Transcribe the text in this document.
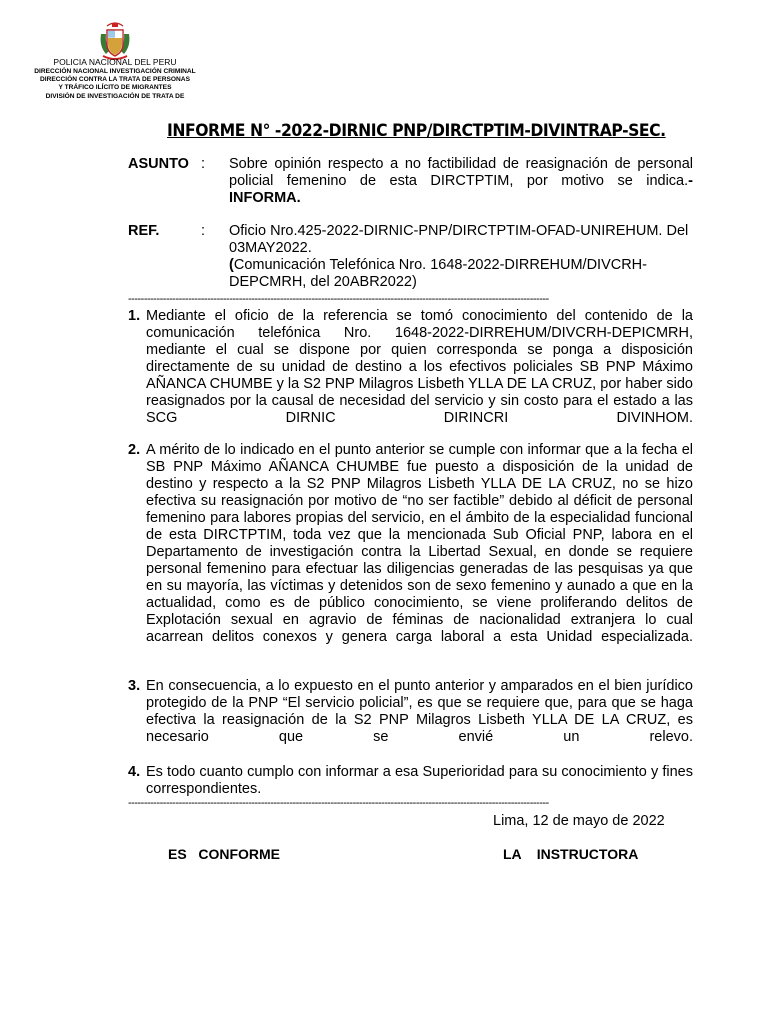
POLICIA NACIONAL DEL PERU
DIRECCIÓN NACIONAL INVESTIGACIÓN CRIMINAL
DIRECCIÓN CONTRA LA TRATA DE PERSONAS
Y TRÁFICO ILÍCITO DE MIGRANTES
DIVISIÓN DE INVESTIGACIÓN DE TRATA DE
INFORME N° -2022-DIRNIC PNP/DIRCTPTIM-DIVINTRAP-SEC.
ASUNTO : Sobre opinión respecto a no factibilidad de reasignación de personal policial femenino de esta DIRCTPTIM, por motivo se indica.- INFORMA.
REF.	: Oficio Nro.425-2022-DIRNIC-PNP/DIRCTPTIM-OFAD-UNIREHUM. Del 03MAY2022.
(Comunicación Telefónica Nro. 1648-2022-DIRREHUM/DIVCRH-DEPCMRH, del 20ABR2022)
-------------------------------------------------------------------------------------------------------------------------------------
1. Mediante el oficio de la referencia se tomó conocimiento del contenido de la comunicación telefónica Nro. 1648-2022-DIRREHUM/DIVCRH-DEPICMRH, mediante el cual se dispone por quien corresponda se ponga a disposición directamente de su unidad de destino a los efectivos policiales SB PNP Máximo AÑANCA CHUMBE y la S2 PNP Milagros Lisbeth YLLA DE LA CRUZ, por haber sido reasignados por la causal de necesidad del servicio y sin costo para el estado a las SCG DIRNIC DIRINCRI DIVINHOM.
2. A mérito de lo indicado en el punto anterior se cumple con informar que a la fecha el SB PNP Máximo AÑANCA CHUMBE fue puesto a disposición de la unidad de destino y respecto a la S2 PNP Milagros Lisbeth YLLA DE LA CRUZ, no se hizo efectiva su reasignación por motivo de “no ser factible” debido al déficit de personal femenino para labores propias del servicio, en el ámbito de la especialidad funcional de esta DIRCTPTIM, toda vez que la mencionada Sub Oficial PNP, labora en el Departamento de investigación contra la Libertad Sexual, en donde se requiere personal femenino para efectuar las diligencias generadas de las pesquisas ya que en su mayoría, las víctimas y detenidos son de sexo femenino y aunado a que en la actualidad, como es de público conocimiento, se viene proliferando delitos de Explotación sexual en agravio de féminas de nacionalidad extranjera lo cual acarrean delitos conexos y genera carga laboral a esta Unidad especializada.
3. En consecuencia, a lo expuesto en el punto anterior y amparados en el bien jurídico protegido de la PNP “El servicio policial”, es que se requiere que, para que se haga efectiva la reasignación de la S2 PNP Milagros Lisbeth YLLA DE LA CRUZ, es necesario que se envié un relevo.
4. Es todo cuanto cumplo con informar a esa Superioridad para su conocimiento y fines correspondientes.
-------------------------------------------------------------------------------------------------------------------------------------
Lima, 12 de mayo de 2022
ES   CONFORME	LA    INSTRUCTORA
